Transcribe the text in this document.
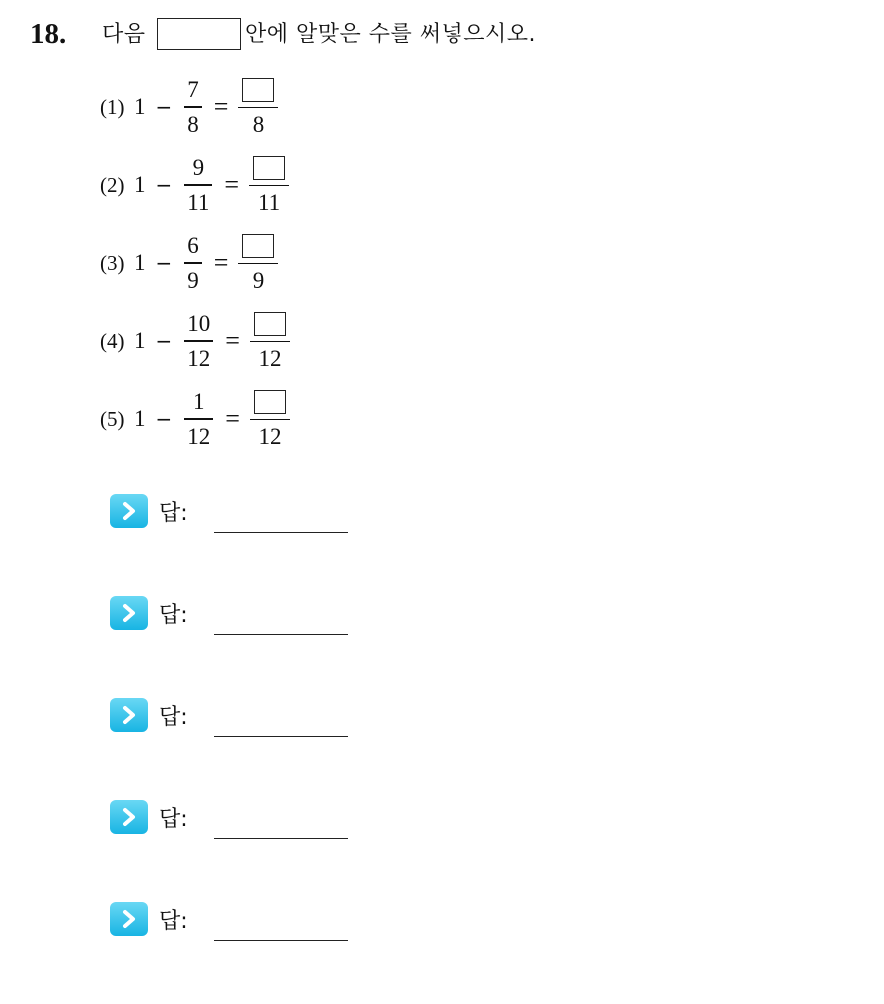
18.	다음	안에 알맞은 수를 써넣으시오.
(1) $1 - \frac{7}{8}$ =
8
(2) $1 - \frac{9}{11}$ =
11
(3) $1 - \frac{6}{9}$ =
9
(4) $1 - \frac{10}{12}$ =
12
(5) $1 - \frac{1}{12}$ =
12
답:
답:
답:
답:
답:
